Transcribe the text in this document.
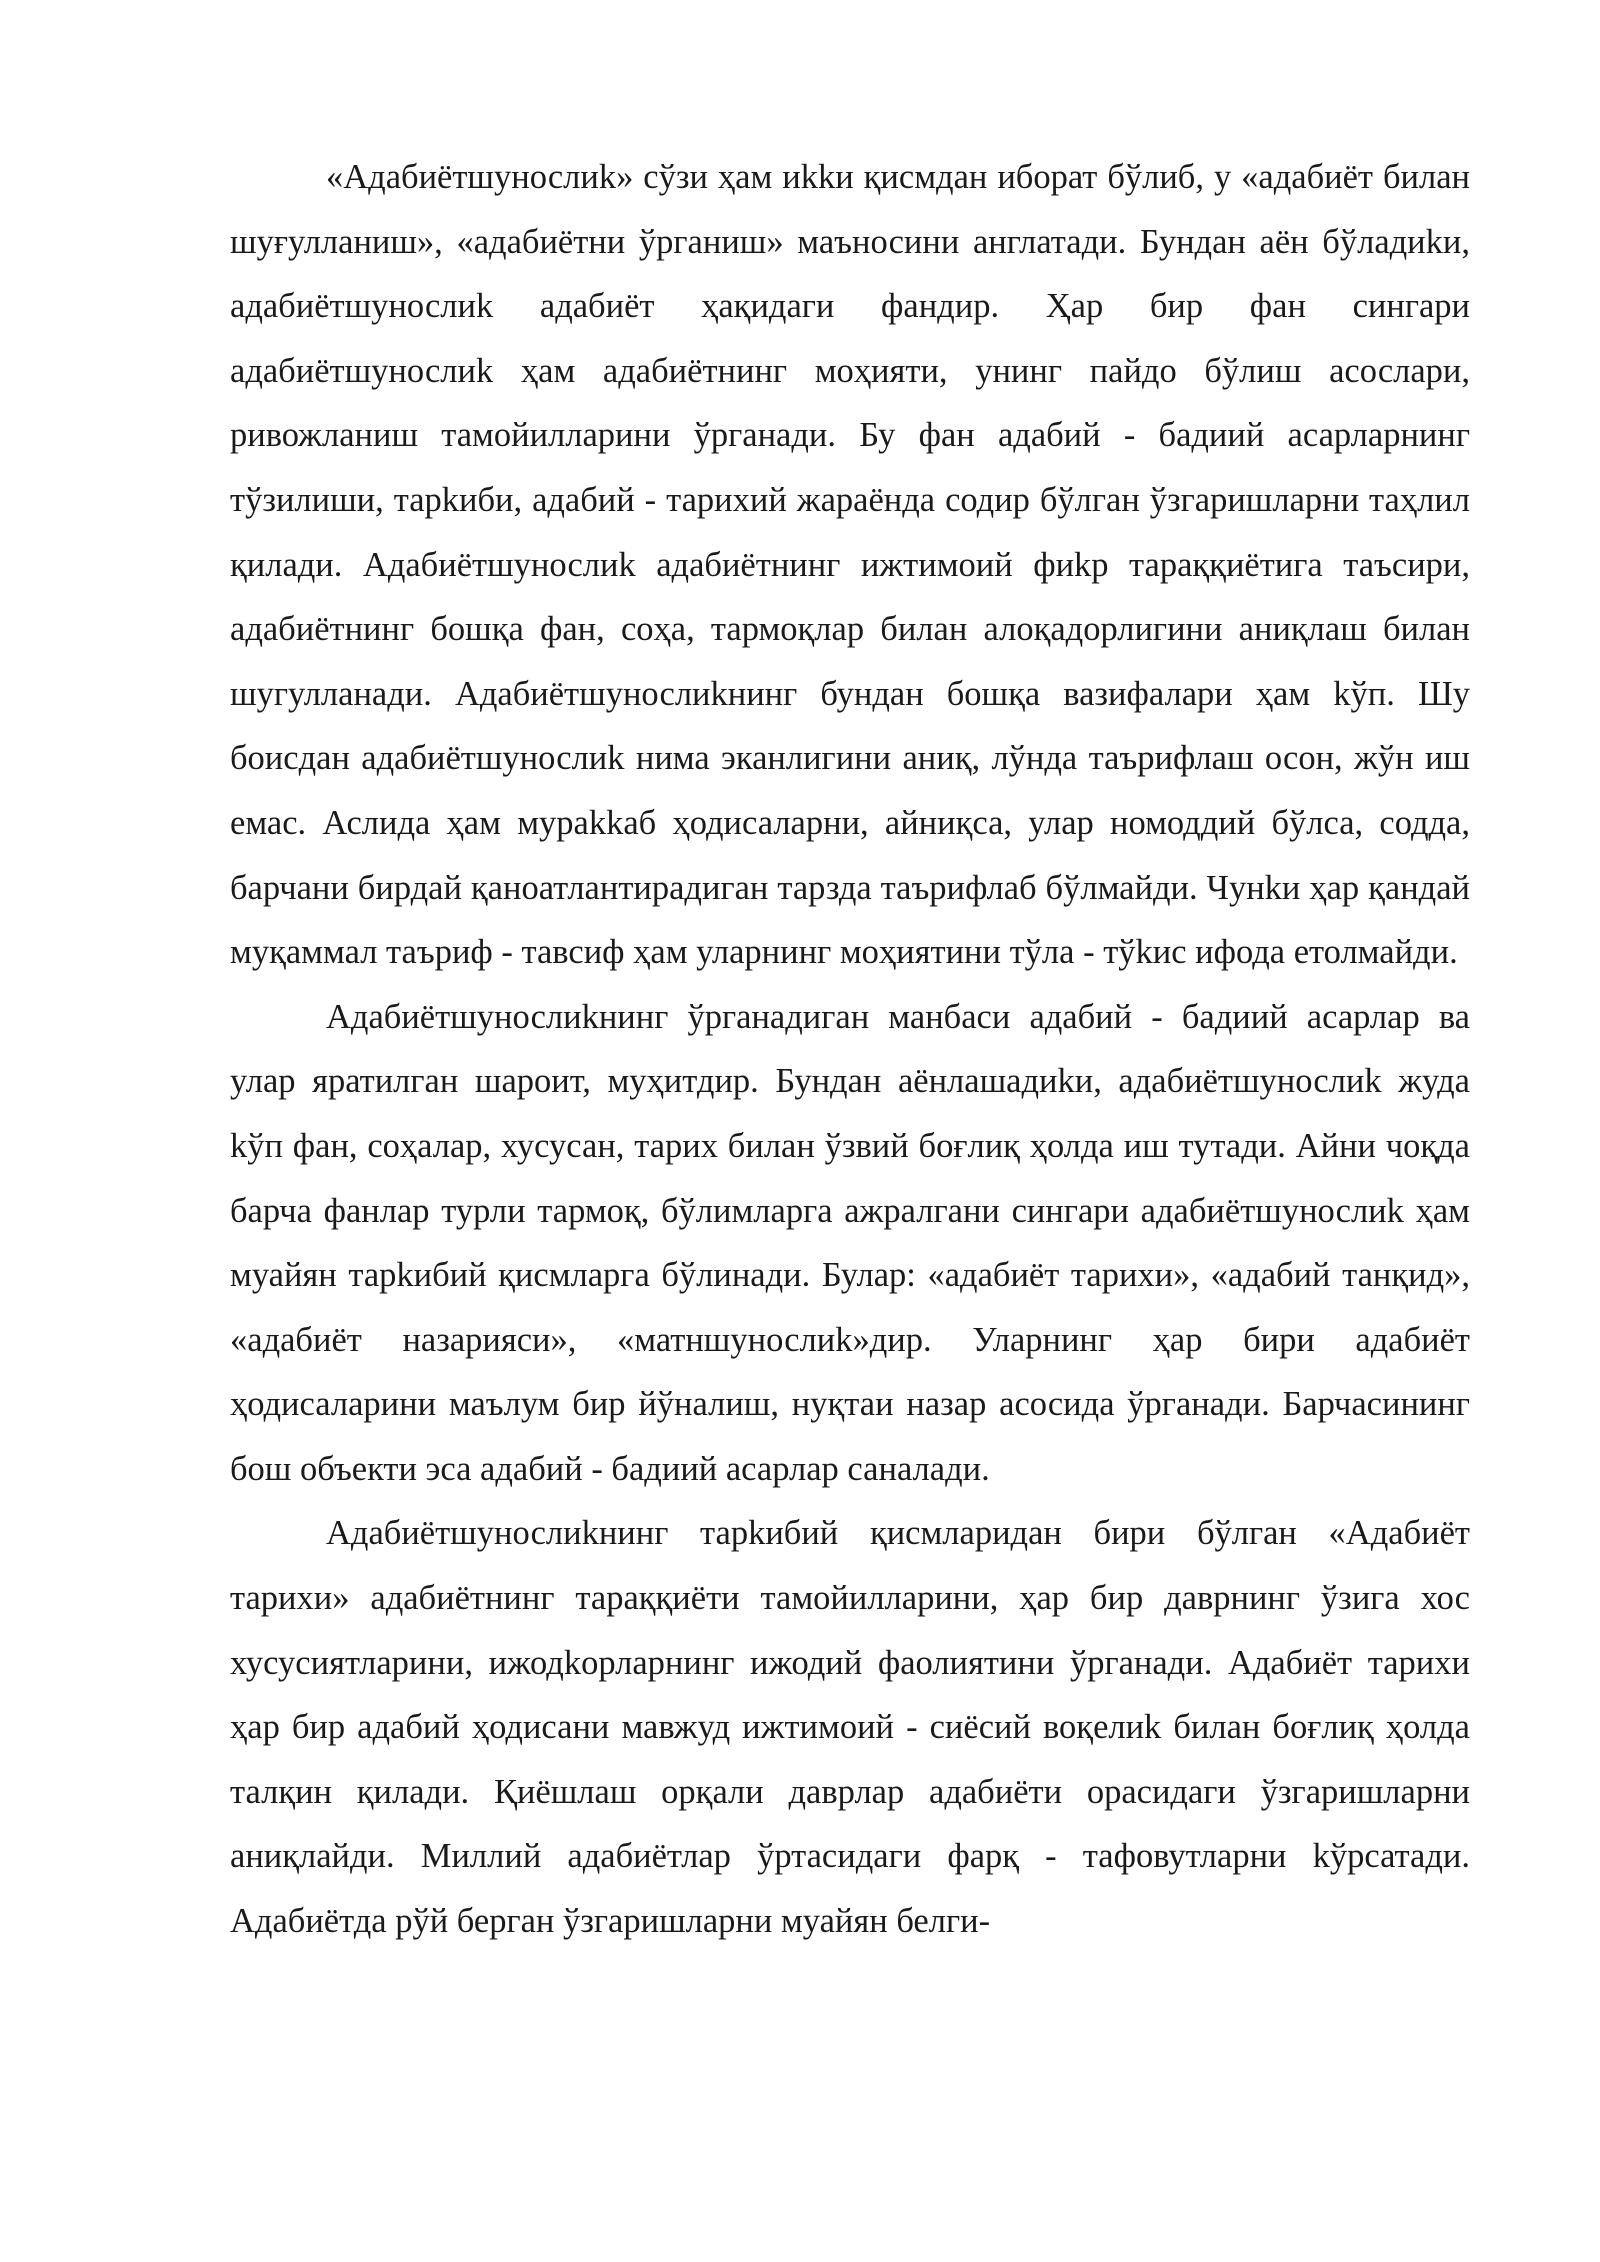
«Адабиётшунослиk» сўзи ҳам иkkи қисмдан иборат бўлиб, у «адабиёт билан шуғулланиш», «адабиётни ўрганиш» маъносини англатади. Бундан аён бўладиkи, адабиётшунослиk адабиёт ҳақидаги фандир. Ҳар бир фан сингари адабиётшунослиk ҳам адабиётнинг моҳияти, унинг пайдо бўлиш асослари, ривожланиш тамойилларини ўрганади. Бу фан адабий - бадиий асарларнинг тўзилиши, тарkиби, адабий - тарихий жараёнда содир бўлган ўзгаришларни таҳлил қилади. Адабиётшунослиk адабиётнинг ижтимоий фиkр тараққиётига таъсири, адабиётнинг бошқа фан, соҳа, тармоқлар билан алоқадорлигини аниқлаш билан шугулланади. Адабиётшунослиkнинг бундан бошқа вазифалари ҳам kўп. Шу боисдан адабиётшунослиk нима эканлигини аниқ, лўнда таърифлаш осон, жўн иш емас. Аслида ҳам мураkkаб ҳодисаларни, айниқса, улар номоддий бўлса, содда, барчани бирдай қаноатлантирадиган тарзда таърифлаб бўлмайди. Чунkи ҳар қандай муқаммал таъриф - тавсиф ҳам уларнинг моҳиятини тўла - тўkис ифода етолмайди.

Адабиётшунослиkнинг ўрганадиган манбаси адабий - бадиий асарлар ва улар яратилган шароит, муҳитдир. Бундан аёнлашадиkи, адабиётшунослиk жуда kўп фан, соҳалар, хусусан, тарих билан ўзвий боғлиқ ҳолда иш тутади. Айни чоқда барча фанлар турли тармоқ, бўлимларга ажралгани сингари адабиётшунослиk ҳам муайян тарkибий қисмларга бўлинади. Булар: «адабиёт тарихи», «адабий танқид», «адабиёт назарияси», «матншунослиk»дир. Уларнинг ҳар бири адабиёт ҳодисаларини маълум бир йўналиш, нуқтаи назар асосида ўрганади. Барчасининг бош объекти эса адабий - бадиий асарлар саналади.

Адабиётшунослиkнинг тарkибий қисмларидан бири бўлган «Адабиёт тарихи» адабиётнинг тараққиёти тамойилларини, ҳар бир даврнинг ўзига хос хусусиятларини, ижодkорларнинг ижодий фаолиятини ўрганади. Адабиёт тарихи ҳар бир адабий ҳодисани мавжуд ижтимоий - сиёсий воқелиk билан боғлиқ ҳолда талқин қилади. Қиёшлаш орқали даврлар адабиёти орасидаги ўзгаришларни аниқлайди. Миллий адабиётлар ўртасидаги фарқ - тафовутларни kўрсатади. Адабиётда рўй берган ўзгаришларни муайян белги-
